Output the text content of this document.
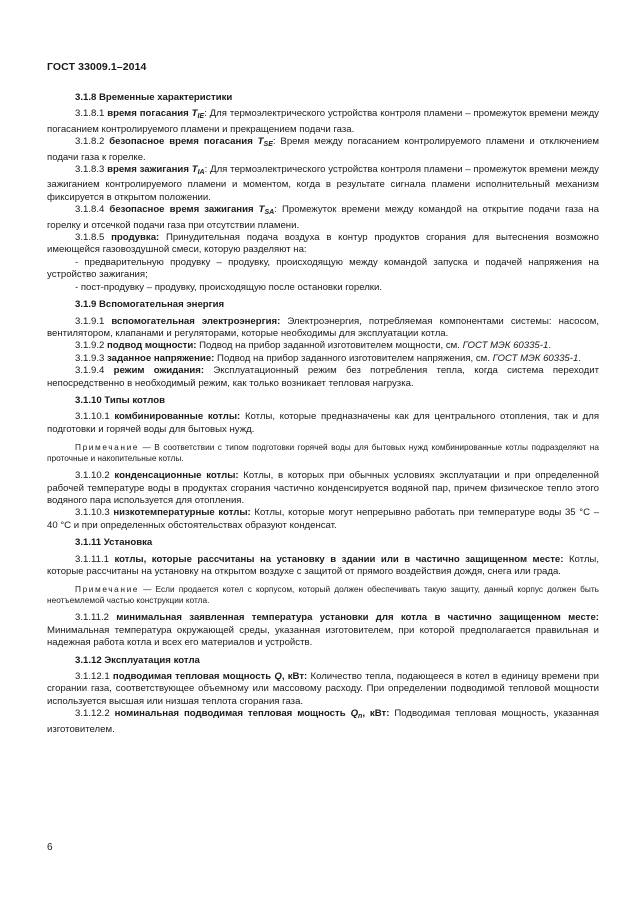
ГОСТ 33009.1–2014
3.1.8 Временные характеристики

3.1.8.1 время погасания $T_{IE}$: Для термоэлектрического устройства контроля пламени – промежуток времени между погасанием контролируемого пламени и прекращением подачи газа.

3.1.8.2 безопасное время погасания $T_{SE}$: Время между погасанием контролируемого пламени и отключением подачи газа к горелке.

3.1.8.3 время зажигания $T_{IA}$: Для термоэлектрического устройства контроля пламени – промежуток времени между зажиганием контролируемого пламени и моментом, когда в результате сигнала пламени исполнительный механизм фиксируется в открытом положении.

3.1.8.4 безопасное время зажигания $T_{SA}$: Промежуток времени между командой на открытие подачи газа на горелку и отсечкой подачи газа при отсутствии пламени.

3.1.8.5 продувка: Принудительная подача воздуха в контур продуктов сгорания для вытеснения возможно имеющейся газовоздушной смеси, которую разделяют на:

- предварительную продувку – продувку, происходящую между командой запуска и подачей напряжения на устройство зажигания;

- пост-продувку – продувку, происходящую после остановки горелки.

3.1.9 Вспомогательная энергия

3.1.9.1 вспомогательная электроэнергия: Электроэнергия, потребляемая компонентами системы: насосом, вентилятором, клапанами и регуляторами, которые необходимы для эксплуатации котла.

3.1.9.2 подвод мощности: Подвод на прибор заданной изготовителем мощности, см. ГОСТ МЭК 60335-1.

3.1.9.3 заданное напряжение: Подвод на прибор заданного изготовителем напряжения, см. ГОСТ МЭК 60335-1.

3.1.9.4 режим ожидания: Эксплуатационный режим без потребления тепла, когда система переходит непосредственно в необходимый режим, как только возникает тепловая нагрузка.

3.1.10 Типы котлов

3.1.10.1 комбинированные котлы: Котлы, которые предназначены как для центрального отопления, так и для подготовки и горячей воды для бытовых нужд.

Примечание — В соответствии с типом подготовки горячей воды для бытовых нужд комбинированные котлы подразделяют на проточные и накопительные котлы.

3.1.10.2 конденсационные котлы: Котлы, в которых при обычных условиях эксплуатации и при определенной рабочей температуре воды в продуктах сгорания частично конденсируется водяной пар, причем физическое тепло этого водяного пара используется для отопления.

3.1.10.3 низкотемпературные котлы: Котлы, которые могут непрерывно работать при температуре воды 35 °С – 40 °С и при определенных обстоятельствах образуют конденсат.

3.1.11 Установка

3.1.11.1 котлы, которые рассчитаны на установку в здании или в частично защищенном месте: Котлы, которые рассчитаны на установку на открытом воздухе с защитой от прямого воздействия дождя, снега или града.

Примечание — Если продается котел с корпусом, который должен обеспечивать такую защиту, данный корпус должен быть неотъемлемой частью конструкции котла.

3.1.11.2 минимальная заявленная температура установки для котла в частично защищенном месте: Минимальная температура окружающей среды, указанная изготовителем, при которой предполагается правильная и надежная работа котла и всех его материалов и устройств.

3.1.12 Эксплуатация котла

3.1.12.1 подводимая тепловая мощность Q, кВт: Количество тепла, подающееся в котел в единицу времени при сгорании газа, соответствующее объемному или массовому расходу. При определении подводимой тепловой мощности используется высшая или низшая теплота сгорания газа.

3.1.12.2 номинальная подводимая тепловая мощность $Q_n$, кВт: Подводимая тепловая мощность, указанная изготовителем.

6
